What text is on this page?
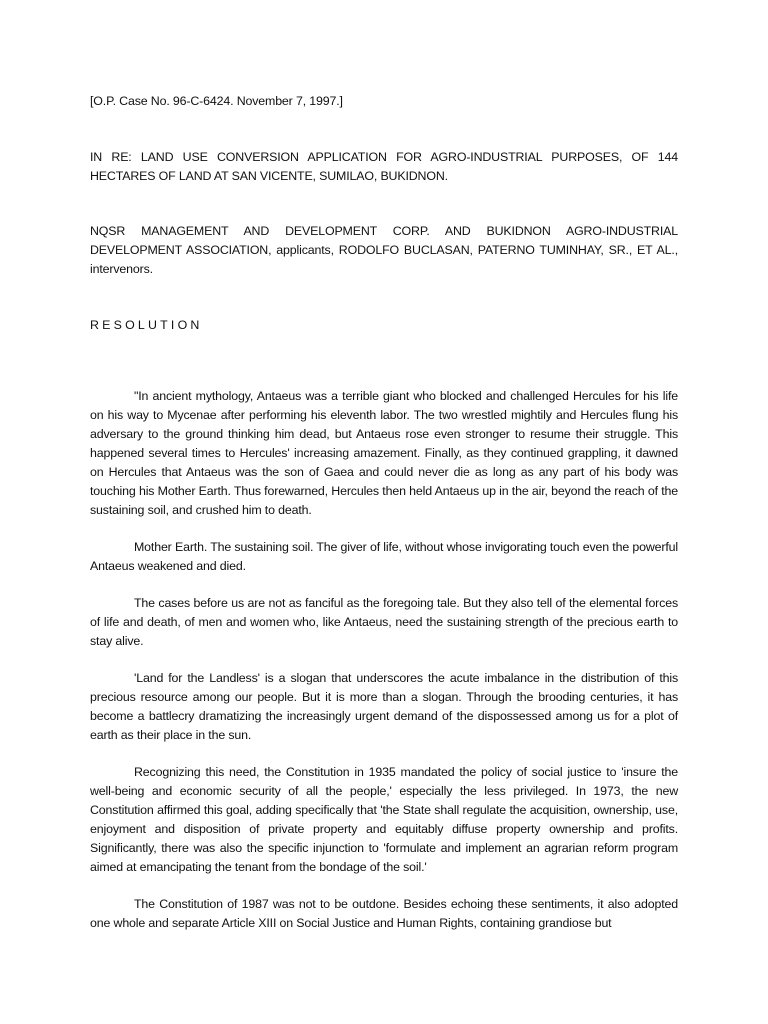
[O.P. Case No. 96-C-6424. November 7, 1997.]

IN RE: LAND USE CONVERSION APPLICATION FOR AGRO-INDUSTRIAL PURPOSES, OF 144 HECTARES OF LAND AT SAN VICENTE, SUMILAO, BUKIDNON.

NQSR MANAGEMENT AND DEVELOPMENT CORP. AND BUKIDNON AGRO-INDUSTRIAL DEVELOPMENT ASSOCIATION, applicants, RODOLFO BUCLASAN, PATERNO TUMINHAY, SR., ET AL., intervenors.

RESOLUTION

"In ancient mythology, Antaeus was a terrible giant who blocked and challenged Hercules for his life on his way to Mycenae after performing his eleventh labor. The two wrestled mightily and Hercules flung his adversary to the ground thinking him dead, but Antaeus rose even stronger to resume their struggle. This happened several times to Hercules' increasing amazement. Finally, as they continued grappling, it dawned on Hercules that Antaeus was the son of Gaea and could never die as long as any part of his body was touching his Mother Earth. Thus forewarned, Hercules then held Antaeus up in the air, beyond the reach of the sustaining soil, and crushed him to death.

Mother Earth. The sustaining soil. The giver of life, without whose invigorating touch even the powerful Antaeus weakened and died.

The cases before us are not as fanciful as the foregoing tale. But they also tell of the elemental forces of life and death, of men and women who, like Antaeus, need the sustaining strength of the precious earth to stay alive.

'Land for the Landless' is a slogan that underscores the acute imbalance in the distribution of this precious resource among our people. But it is more than a slogan. Through the brooding centuries, it has become a battlecry dramatizing the increasingly urgent demand of the dispossessed among us for a plot of earth as their place in the sun.

Recognizing this need, the Constitution in 1935 mandated the policy of social justice to 'insure the well-being and economic security of all the people,' especially the less privileged. In 1973, the new Constitution affirmed this goal, adding specifically that 'the State shall regulate the acquisition, ownership, use, enjoyment and disposition of private property and equitably diffuse property ownership and profits. Significantly, there was also the specific injunction to 'formulate and implement an agrarian reform program aimed at emancipating the tenant from the bondage of the soil.'

The Constitution of 1987 was not to be outdone. Besides echoing these sentiments, it also adopted one whole and separate Article XIII on Social Justice and Human Rights, containing grandiose but
